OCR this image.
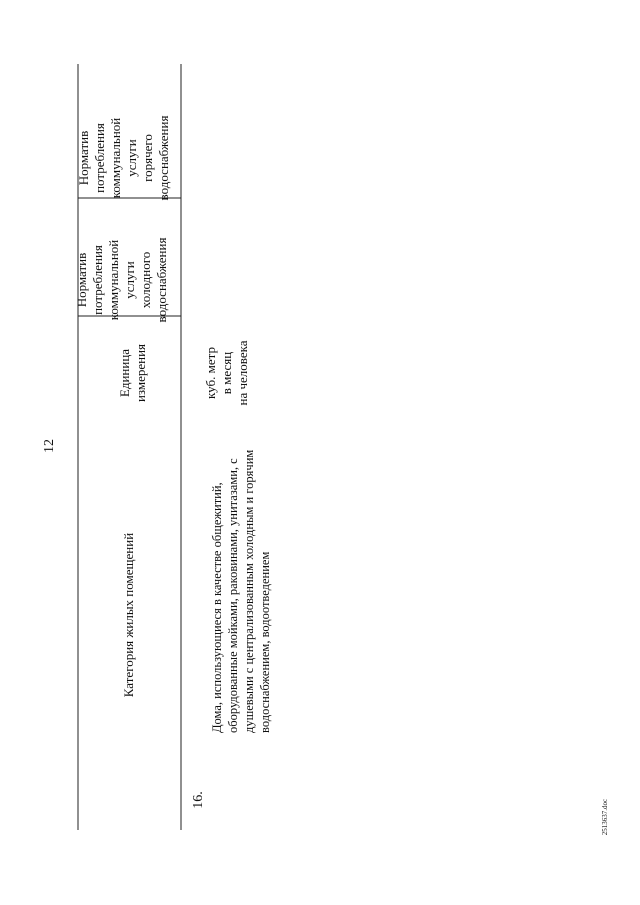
12
Категория жилых помещений
Единица измерения
Норматив потребления коммунальной услуги холодного водоснабжения
Норматив потребления коммунальной услуги горячего водоснабжения
16.
Дома, использующиеся в качестве общежитий, оборудованные мойками, раковинами, унитазами, с душевыми с централизованным холодным и горячим водоснабжением, водоотведением
куб. метр в месяц на человека
2513637.doc
